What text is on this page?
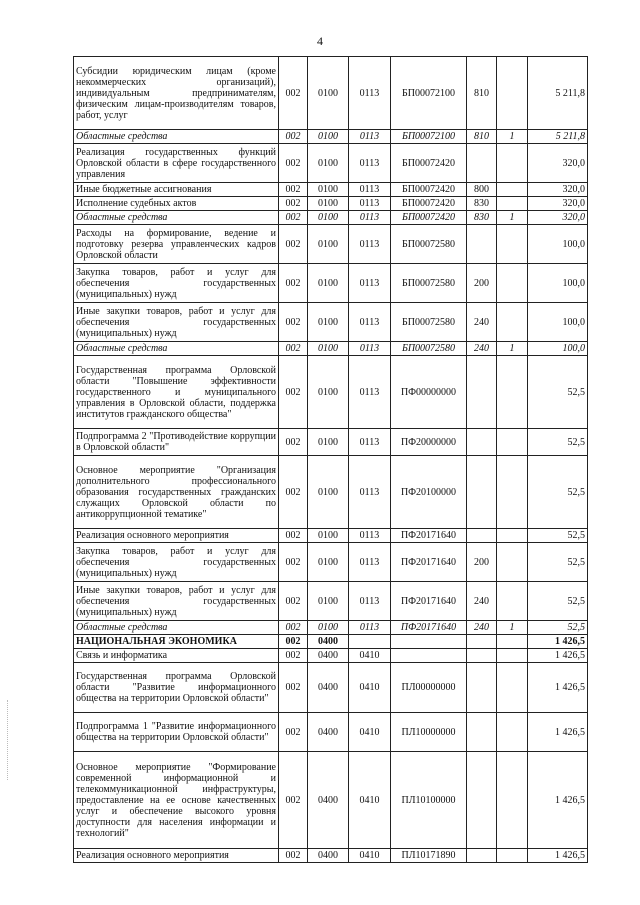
4
Субсидии юридическим лицам (кроме некоммерческих организаций), индивидуальным предпринимателям, физическим лицам-производителям товаров, работ, услуг	002	0100	0113	БП00072100	810		5 211,8
Областные средства	002	0100	0113	БП00072100	810	1	5 211,8
Реализация государственных функций Орловской области в сфере государственного управления	002	0100	0113	БП00072420			320,0
Иные бюджетные ассигнования	002	0100	0113	БП00072420	800		320,0
Исполнение судебных актов	002	0100	0113	БП00072420	830		320,0
Областные средства	002	0100	0113	БП00072420	830	1	320,0
Расходы на формирование, ведение и подготовку резерва управленческих кадров Орловской области	002	0100	0113	БП00072580			100,0
Закупка товаров, работ и услуг для обеспечения государственных (муниципальных) нужд	002	0100	0113	БП00072580	200		100,0
Иные закупки товаров, работ и услуг для обеспечения государственных (муниципальных) нужд	002	0100	0113	БП00072580	240		100,0
Областные средства	002	0100	0113	БП00072580	240	1	100,0
Государственная программа Орловской области "Повышение эффективности государственного и муниципального управления в Орловской области, поддержка институтов гражданского общества"	002	0100	0113	ПФ00000000			52,5
Подпрограмма 2 "Противодействие коррупции в Орловской области"	002	0100	0113	ПФ20000000			52,5
Основное мероприятие "Организация дополнительного профессионального образования государственных гражданских служащих Орловской области по антикоррупционной тематике"	002	0100	0113	ПФ20100000			52,5
Реализация основного мероприятия	002	0100	0113	ПФ20171640			52,5
Закупка товаров, работ и услуг для обеспечения государственных (муниципальных) нужд	002	0100	0113	ПФ20171640	200		52,5
Иные закупки товаров, работ и услуг для обеспечения государственных (муниципальных) нужд	002	0100	0113	ПФ20171640	240		52,5
Областные средства	002	0100	0113	ПФ20171640	240	1	52,5
НАЦИОНАЛЬНАЯ ЭКОНОМИКА	002	0400					1 426,5
Связь и информатика	002	0400	0410				1 426,5
Государственная программа Орловской области "Развитие информационного общества на территории Орловской области"	002	0400	0410	ПЛ00000000			1 426,5
Подпрограмма 1 "Развитие информационного общества на территории Орловской области"	002	0400	0410	ПЛ10000000			1 426,5
Основное мероприятие "Формирование современной информационной и телекоммуникационной инфраструктуры, предоставление на ее основе качественных услуг и обеспечение высокого уровня доступности для населения информации и технологий"	002	0400	0410	ПЛ10100000			1 426,5
Реализация основного мероприятия	002	0400	0410	ПЛ10171890			1 426,5
